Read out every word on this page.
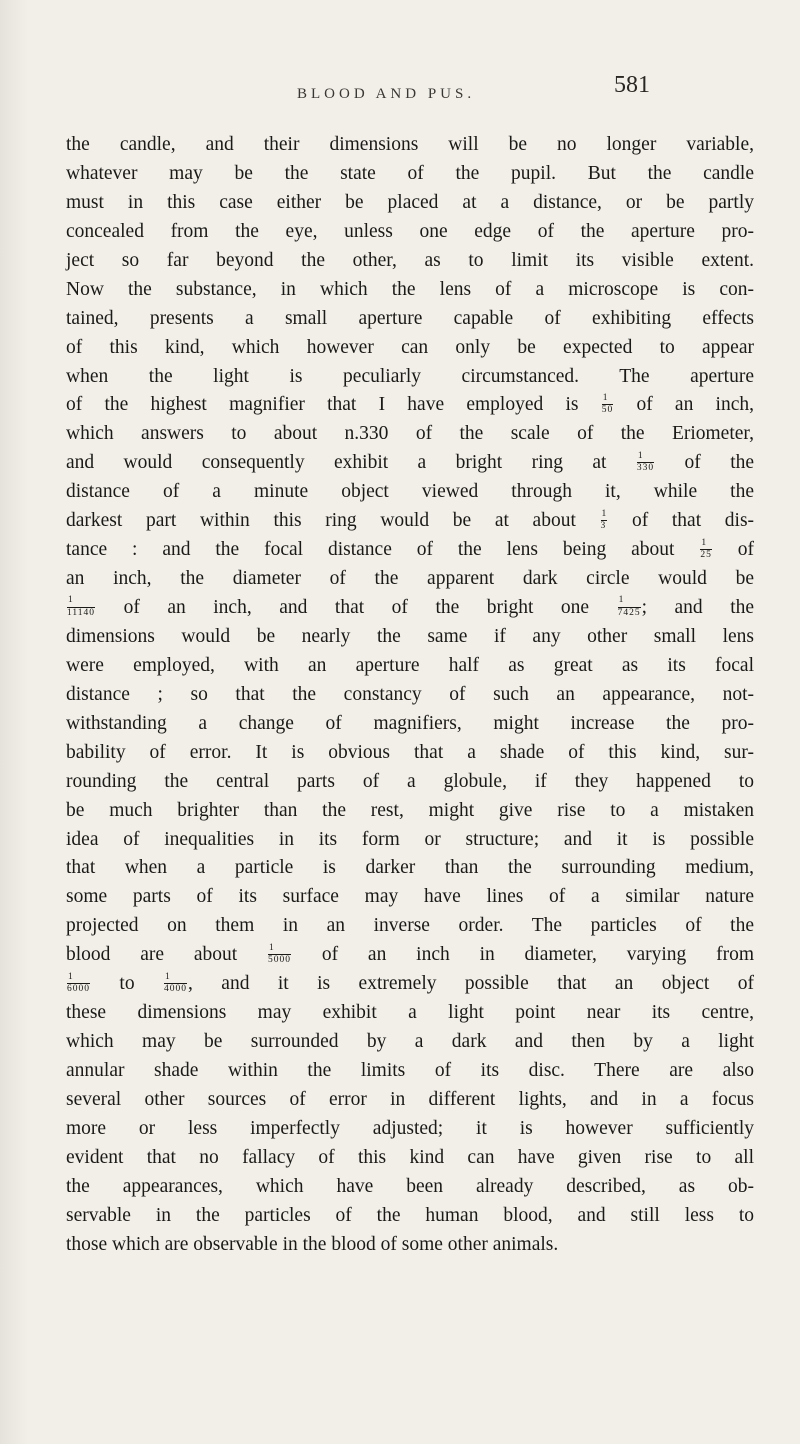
BLOOD AND PUS.	581
the candle, and their dimensions will be no longer variable,
whatever may be the state of the pupil. But the candle
must in this case either be placed at a distance, or be partly
concealed from the eye, unless one edge of the aperture pro-
ject so far beyond the other, as to limit its visible extent.
Now the substance, in which the lens of a microscope is con-
tained, presents a small aperture capable of exhibiting effects
of this kind, which however can only be expected to appear
when the light is peculiarly circumstanced. The aperture
of the highest magnifier that I have employed is $\frac{1}{50}$ of an inch,
which answers to about n.330 of the scale of the Eriometer,
and would consequently exhibit a bright ring at	$\frac{1}{330}$ of the
distance of a minute object viewed through it, while the
darkest part within this ring would be at about	$\frac{1}{3}$ of that dis-
tance : and the focal distance of the lens being about	$\frac{1}{25}$ of
an inch, the diameter of the apparent dark circle would be
$\frac{1}{11140}$ of an inch, and that of the bright one	$\frac{1}{7425}$ ; and the
dimensions would be nearly the same if any other small lens
were employed, with an aperture half as great as its focal
distance ; so that the constancy of such an appearance, not-
withstanding a change of magnifiers, might increase the pro-
bability of error. It is obvious that a shade of this kind, sur-
rounding the central parts of a globule, if they happened to
be much brighter than the rest, might give rise to a mistaken
idea of inequalities in its form or structure; and it is possible
that when a particle is darker than the surrounding medium,
some parts of its surface may have lines of a similar nature
projected on them in an inverse order. The particles of the
blood are about	$\frac{1}{5000}$ of an inch in diameter, varying from
$\frac{1}{6000}$ to	$\frac{1}{4000}$ , and it is extremely possible that an object of
these dimensions may exhibit a light point near its centre,
which may be surrounded by a dark and then by a light
annular shade within the limits of its disc. There are also
several other sources of error in different lights, and in a focus
more or less imperfectly adjusted; it is however sufficiently
evident that no fallacy of this kind can have given rise to all
the appearances, which have been already described, as ob-
servable in the particles of the human blood, and still less to
those which are observable in the blood of some other animals.
